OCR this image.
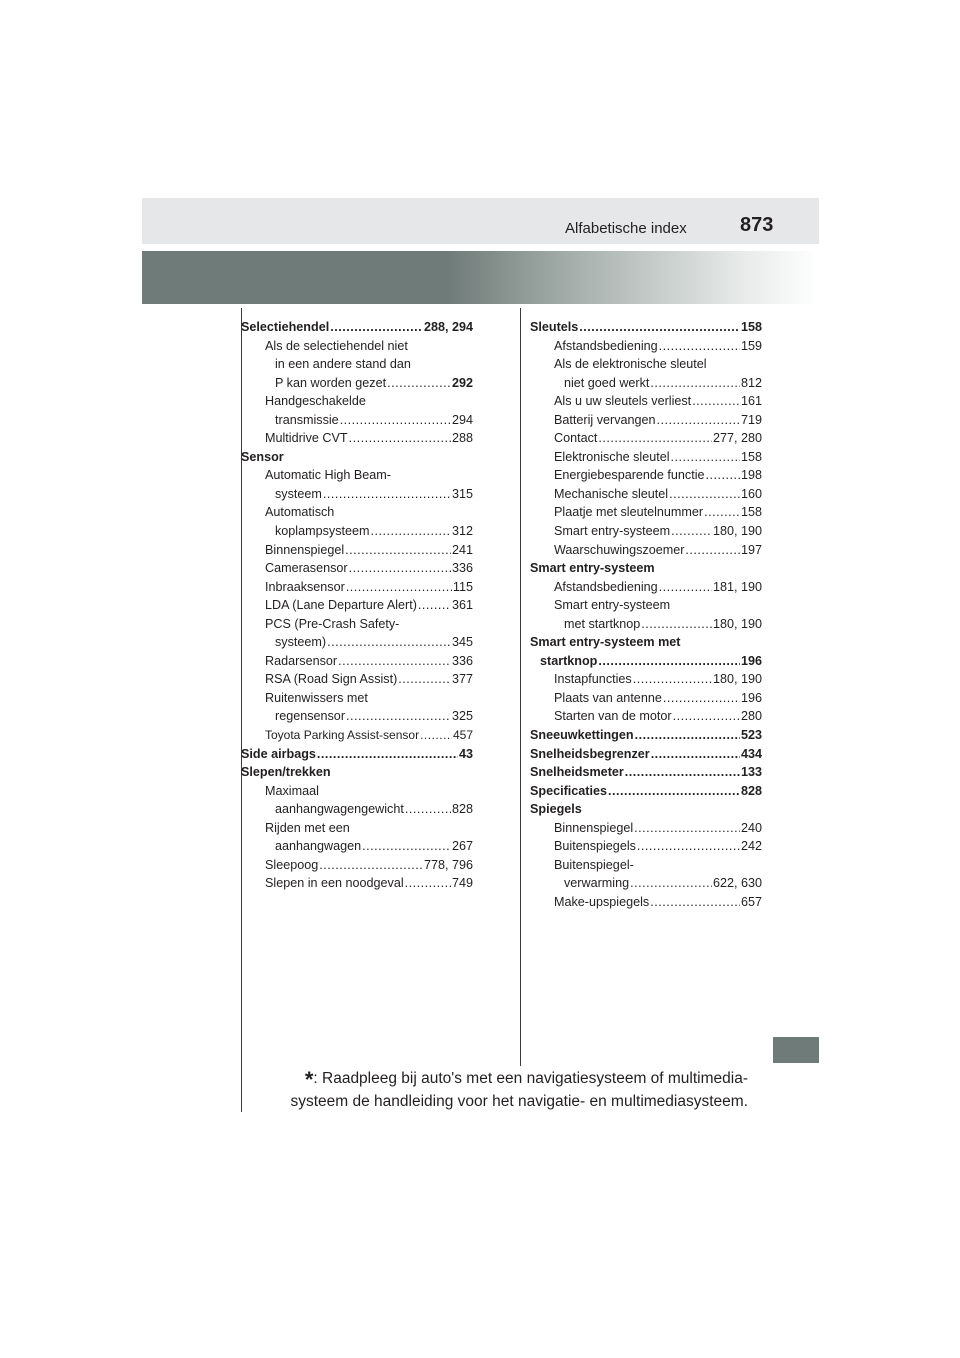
Alfabetische index	873
Selectiehendel .....	288, 294
Als de selectiehendel niet
in een andere stand dan
P kan worden gezet .....	292
Handgeschakelde
transmissie .....	294
Multidrive CVT .....	288
Sensor
Automatic High Beam-
systeem .....	315
Automatisch
koplampsysteem .....	312
Binnenspiegel .....	241
Camerasensor .....	336
Inbraaksensor .....	115
LDA (Lane Departure Alert) .....	361
PCS (Pre-Crash Safety-
systeem) .....	345
Radarsensor .....	336
RSA (Road Sign Assist) .....	377
Ruitenwissers met
regensensor .....	325
Toyota Parking Assist-sensor .....	457
Side airbags .....	43
Slepen/trekken
Maximaal
aanhangwagengewicht .....	828
Rijden met een
aanhangwagen .....	267
Sleepoog .....	778, 796
Slepen in een noodgeval .....	749
Sleutels .....	158
Afstandsbediening .....	159
Als de elektronische sleutel
niet goed werkt .....	812
Als u uw sleutels verliest .....	161
Batterij vervangen .....	719
Contact .....	277, 280
Elektronische sleutel .....	158
Energiebesparende functie .....	198
Mechanische sleutel .....	160
Plaatje met sleutelnummer .....	158
Smart entry-systeem .....	180, 190
Waarschuwingszoemer .....	197
Smart entry-systeem
Afstandsbediening .....	181, 190
Smart entry-systeem
met startknop .....	180, 190
Smart entry-systeem met
startknop .....	196
Instapfuncties .....	180, 190
Plaats van antenne .....	196
Starten van de motor .....	280
Sneeuwkettingen .....	523
Snelheidsbegrenzer .....	434
Snelheidsmeter .....	133
Specificaties .....	828
Spiegels
Binnenspiegel .....	240
Buitenspiegels .....	242
Buitenspiegel-
verwarming .....	622, 630
Make-upspiegels .....	657
*: Raadpleeg bij auto's met een navigatiesysteem of multimedia-
systeem de handleiding voor het navigatie- en multimediasysteem.
